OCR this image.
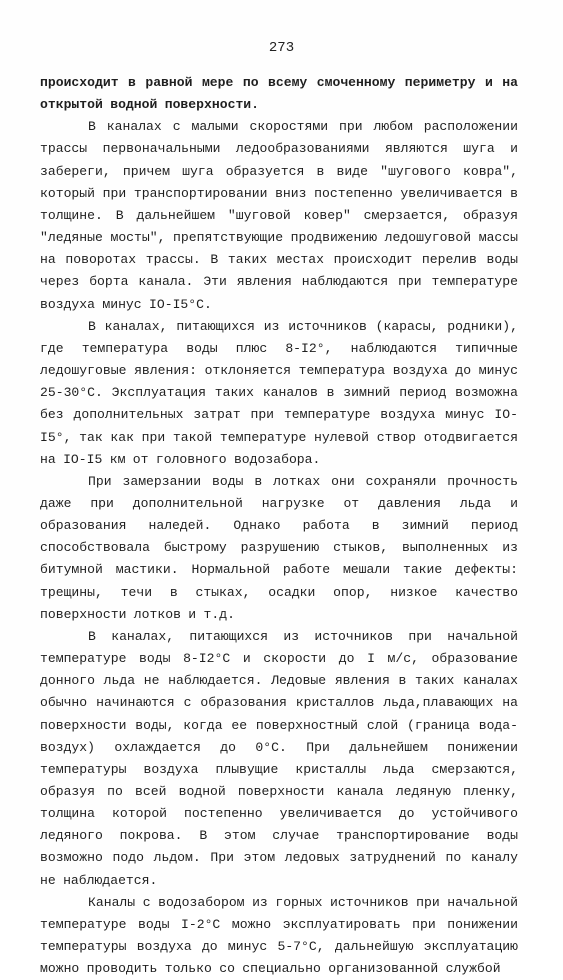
273

происходит в равной мере по всему смоченному периметру и на открытой водной поверхности.

В каналах с малыми скоростями при любом расположении трассы первоначальными ледообразованиями являются шуга и забереги, причем шуга образуется в виде "шугового ковра", который при транспортировании вниз постепенно увеличивается в толщине. В дальнейшем "шуговой ковер" смерзается, образуя "ледяные мосты", препятствующие продвижению ледошуговой массы на поворотах трассы. В таких местах происходит перелив воды через борта канала. Эти явления наблюдаются при температуре воздуха минус IO-I5°С.

В каналах, питающихся из источников (карасы, родники), где температура воды плюс 8-I2°, наблюдаются типичные ледошуговые явления: отклоняется температура воздуха до минус 25-30°С. Эксплуатация таких каналов в зимний период возможна без дополнительных затрат при температуре воздуха минус IO-I5°, так как при такой температуре нулевой створ отодвигается на IO-I5 км от головного водозабора.

При замерзании воды в лотках они сохраняли прочность даже при дополнительной нагрузке от давления льда и образования наледей. Однако работа в зимний период способствовала быстрому разрушению стыков, выполненных из битумной мастики. Нормальной работе мешали такие дефекты: трещины, течи в стыках, осадки опор, низкое качество поверхности лотков и т.д.

В каналах, питающихся из источников при начальной температуре воды 8-I2°С и скорости до I м/с, образование донного льда не наблюдается. Ледовые явления в таких каналах обычно начинаются с образования кристаллов льда,плавающих на поверхности воды, когда ее поверхностный слой (граница вода-воздух) охлаждается до 0°С. При дальнейшем понижении температуры воздуха плывущие кристаллы льда смерзаются, образуя по всей водной поверхности канала ледяную пленку, толщина которой постепенно увеличивается до устойчивого ледяного покрова. В этом случае транспортирование воды возможно подо льдом. При этом ледовых затруднений по каналу не наблюдается.

Каналы с водозабором из горных источников при начальной температуре воды I-2°С можно эксплуатировать при понижении температуры воздуха до минус 5-7°С, дальнейшую эксплуатацию можно проводить только со специально организованной службой
